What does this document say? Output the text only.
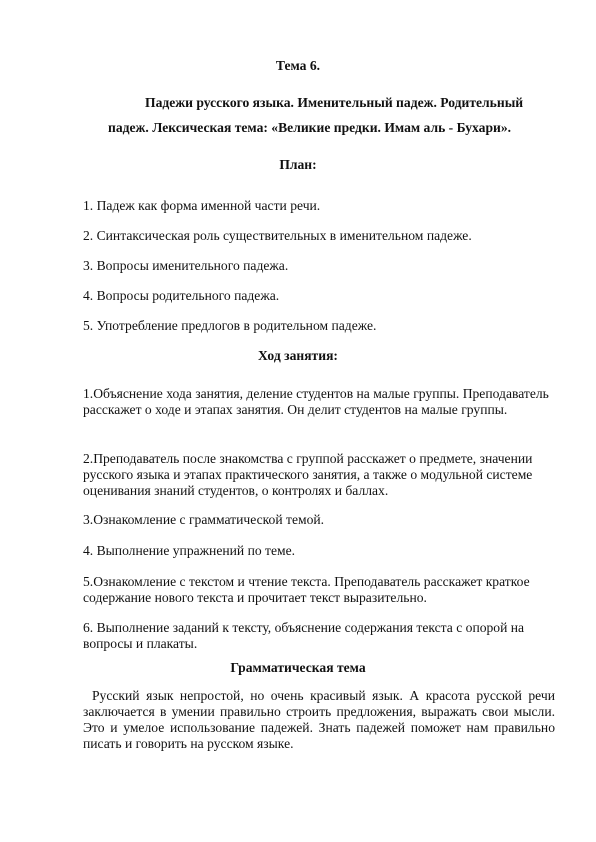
Тема 6.
Падежи русского языка. Именительный падеж. Родительный
падеж. Лексическая тема: «Великие предки. Имам аль - Бухари».
План:
1. Падеж как форма именной части речи.
2. Синтаксическая роль существительных в именительном падеже.
3. Вопросы именительного падежа.
4. Вопросы родительного падежа.
5. Употребление предлогов в родительном падеже.
Ход занятия:
1.Объяснение хода занятия, деление студентов на малые группы. Преподаватель расскажет о ходе и этапах занятия. Он делит студентов на малые группы.
2.Преподаватель после знакомства с группой расскажет о предмете, значении русского языка и этапах практического занятия, а также о модульной системе оценивания знаний студентов, о контролях и баллах.
3.Ознакомление с грамматической темой.
4. Выполнение упражнений по теме.
5.Ознакомление с текстом и чтение текста. Преподаватель расскажет краткое содержание нового текста и прочитает текст выразительно.
6. Выполнение заданий к тексту, объяснение содержания текста с опорой на вопросы и плакаты.
Грамматическая тема
Русский язык непростой, но очень красивый язык. А красота русской речи заключается в умении правильно строить предложения, выражать свои мысли. Это и умелое использование падежей. Знать падежей поможет нам правильно писать и говорить на русском языке.
